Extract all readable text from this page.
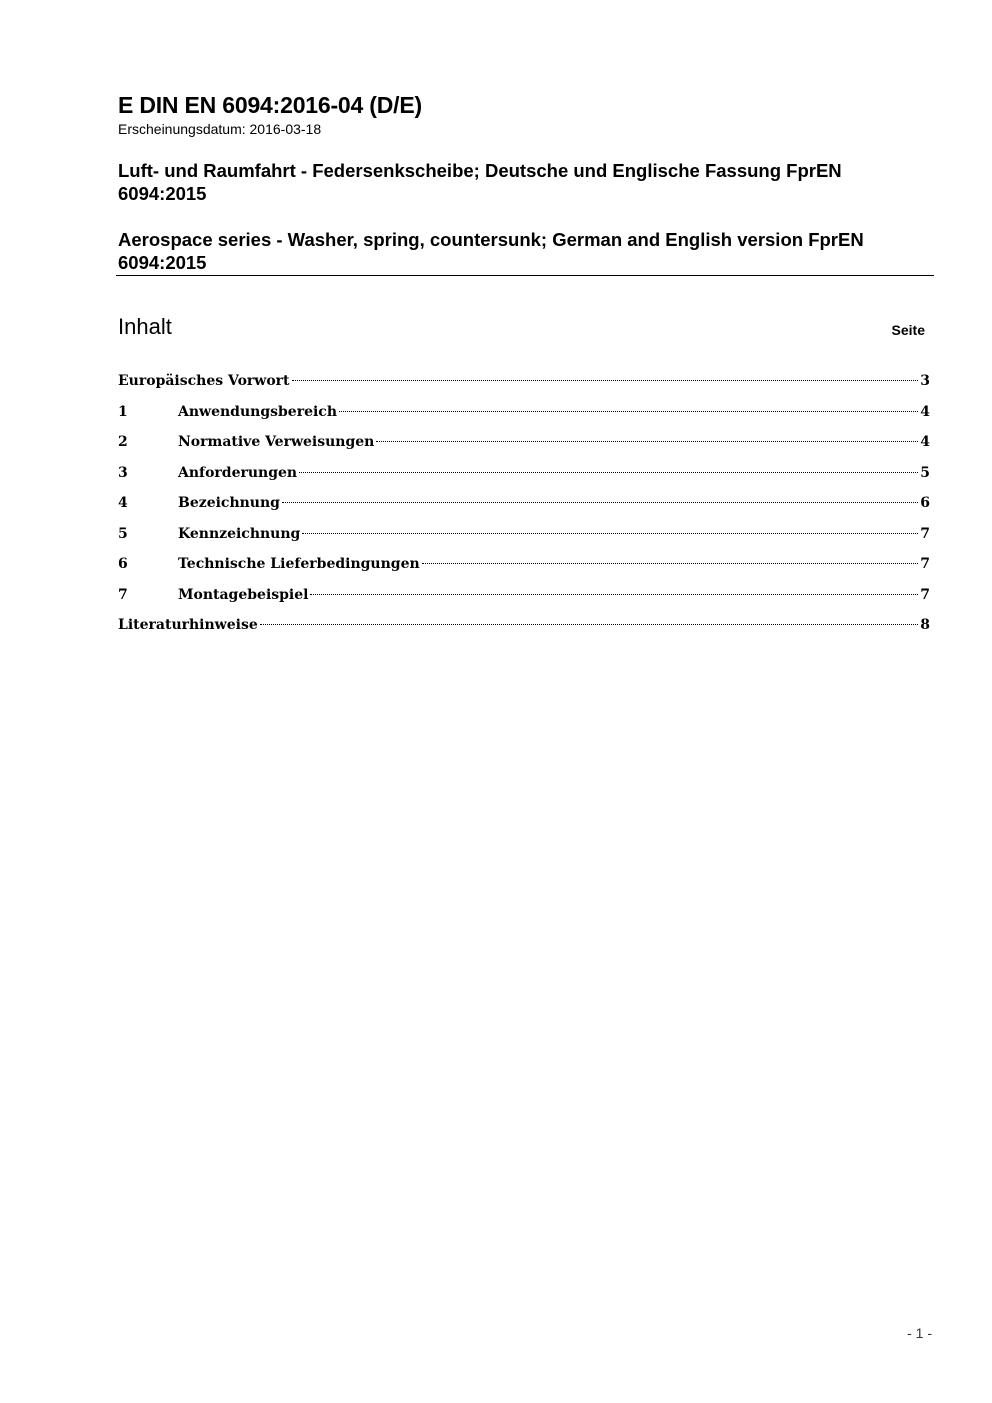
E DIN EN 6094:2016-04 (D/E)
Erscheinungsdatum: 2016-03-18
Luft- und Raumfahrt - Federsenkscheibe; Deutsche und Englische Fassung FprEN 6094:2015
Aerospace series - Washer, spring, countersunk; German and English version FprEN 6094:2015
Inhalt	Seite
Europäisches Vorwort	3
1	Anwendungsbereich	4
2	Normative Verweisungen	4
3	Anforderungen	5
4	Bezeichnung	6
5	Kennzeichnung	7
6	Technische Lieferbedingungen	7
7	Montagebeispiel	7
Literaturhinweise	8
- 1 -
